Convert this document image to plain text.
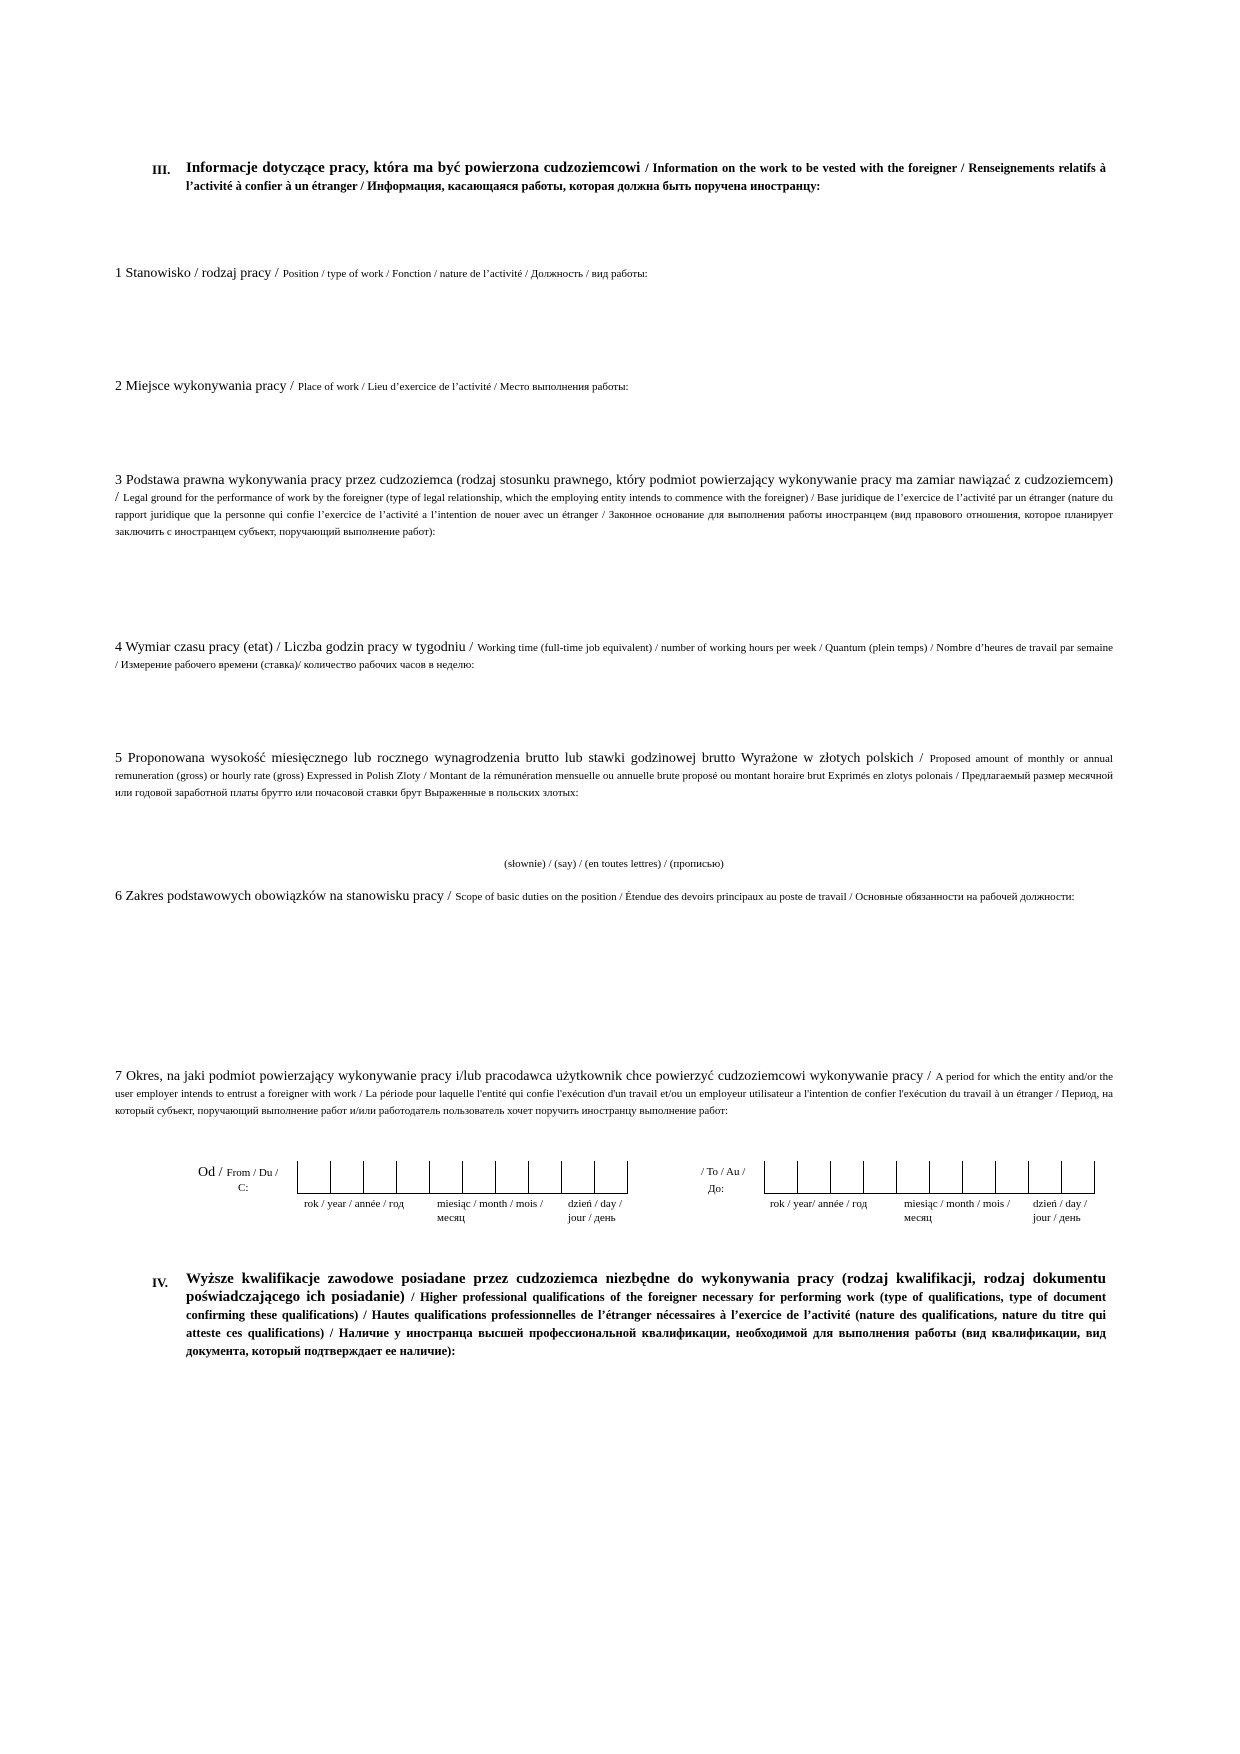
III. Informacje dotyczące pracy, która ma być powierzona cudzoziemcowi / Information on the work to be vested with the foreigner / Renseignements relatifs à l’activité à confier à un étranger / Информация, касающаяся работы, которая должна быть поручена иностранцу:
1 Stanowisko / rodzaj pracy / Position / type of work / Fonction / nature de l’activité / Должность / вид работы:
2 Miejsce wykonywania pracy / Place of work / Lieu d’exercice de l’activité / Место выполнения работы:
3 Podstawa prawna wykonywania pracy przez cudzoziemca (rodzaj stosunku prawnego, który podmiot powierzający wykonywanie pracy ma zamiar nawiązać z cudzoziemcem) / Legal ground for the performance of work by the foreigner (type of legal relationship, which the employing entity intends to commence with the foreigner) / Base juridique de l’exercice de l’activité par un étranger (nature du rapport juridique que la personne qui confie l’exercice de l’activité a l’intention de nouer avec un étranger / Законное основание для выполнения работы иностранцем (вид правового отношения, которое планирует заключить с иностранцем субъект, поручающий выполнение работ):
4 Wymiar czasu pracy (etat) / Liczba godzin pracy w tygodniu / Working time (full-time job equivalent) / number of working hours per week / Quantum (plein temps) / Nombre d’heures de travail par semaine / Измерение рабочего времени (ставка)/ количество рабочих часов в неделю:
5 Proponowana wysokość miesięcznego lub rocznego wynagrodzenia brutto lub stawki godzinowej brutto Wyrażone w złotych polskich / Proposed amount of monthly or annual remuneration (gross) or hourly rate (gross) Expressed in Polish Zloty / Montant de la rémunération mensuelle ou annuelle brute proposé ou montant horaire brut Exprimés en zlotys polonais / Предлагаемый размер месячной или годовой заработной платы брутто или почасовой ставки брут Выраженные в польских злотых:
(słownie) / (say) / (en toutes lettres) / (прописью)
6 Zakres podstawowych obowiązków na stanowisku pracy / Scope of basic duties on the position / Étendue des devoirs principaux au poste de travail / Основные обязанности на рабочей должности:
7 Okres, na jaki podmiot powierzający wykonywanie pracy i/lub pracodawca użytkownik chce powierzyć cudzoziemcowi wykonywanie pracy / A period for which the entity and/or the user employer intends to entrust a foreigner with work / La période pour laquelle l'entité qui confie l'exécution d'un travail et/ou un employeur utilisateur a l'intention de confier l'exécution du travail à un étranger / Период, на который субъект, поручающий выполнение работ и/или работодатель пользователь хочет поручить иностранцу выполнение работ:
Od / From / Du /
С:
rok / year / année / год	miesiąc / month / mois / месяц
dzień / day / jour / день
/ To / Au /
До:
rok / year/ année / год	miesiąc / month / mois / месяц
dzień / day / jour / день
IV. Wyższe kwalifikacje zawodowe posiadane przez cudzoziemca niezbędne do wykonywania pracy (rodzaj kwalifikacji, rodzaj dokumentu poświadczającego ich posiadanie) / Higher professional qualifications of the foreigner necessary for performing work (type of qualifications, type of document confirming these qualifications) / Hautes qualifications professionnelles de l’étranger nécessaires à l’exercice de l’activité (nature des qualifications, nature du titre qui atteste ces qualifications) / Наличие у иностранца высшей профессиональной квалификации, необходимой для выполнения работы (вид квалификации, вид документа, который подтверждает ее наличие):
